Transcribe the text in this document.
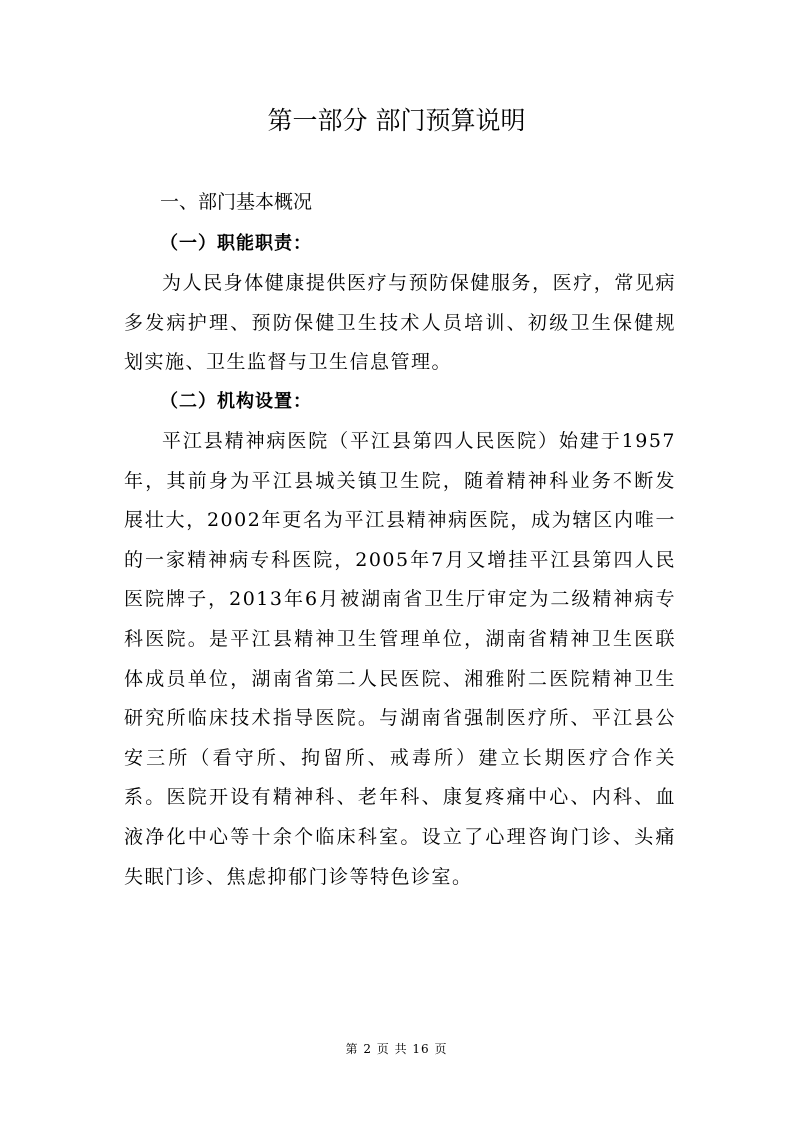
第一部分 部门预算说明
一、部门基本概况
（一）职能职责：

为人民身体健康提供医疗与预防保健服务，医疗，常见病多发病护理、预防保健卫生技术人员培训、初级卫生保健规划实施、卫生监督与卫生信息管理。

（二）机构设置：

平江县精神病医院（平江县第四人民医院）始建于1957年，其前身为平江县城关镇卫生院，随着精神科业务不断发展壮大，2002年更名为平江县精神病医院，成为辖区内唯一的一家精神病专科医院，2005年7月又增挂平江县第四人民医院牌子，2013年6月被湖南省卫生厅审定为二级精神病专科医院。是平江县精神卫生管理单位，湖南省精神卫生医联体成员单位，湖南省第二人民医院、湘雅附二医院精神卫生研究所临床技术指导医院。与湖南省强制医疗所、平江县公安三所（看守所、拘留所、戒毒所）建立长期医疗合作关系。医院开设有精神科、老年科、康复疼痛中心、内科、血液净化中心等十余个临床科室。设立了心理咨询门诊、头痛失眠门诊、焦虑抑郁门诊等特色诊室。

第 2 页 共 16 页
